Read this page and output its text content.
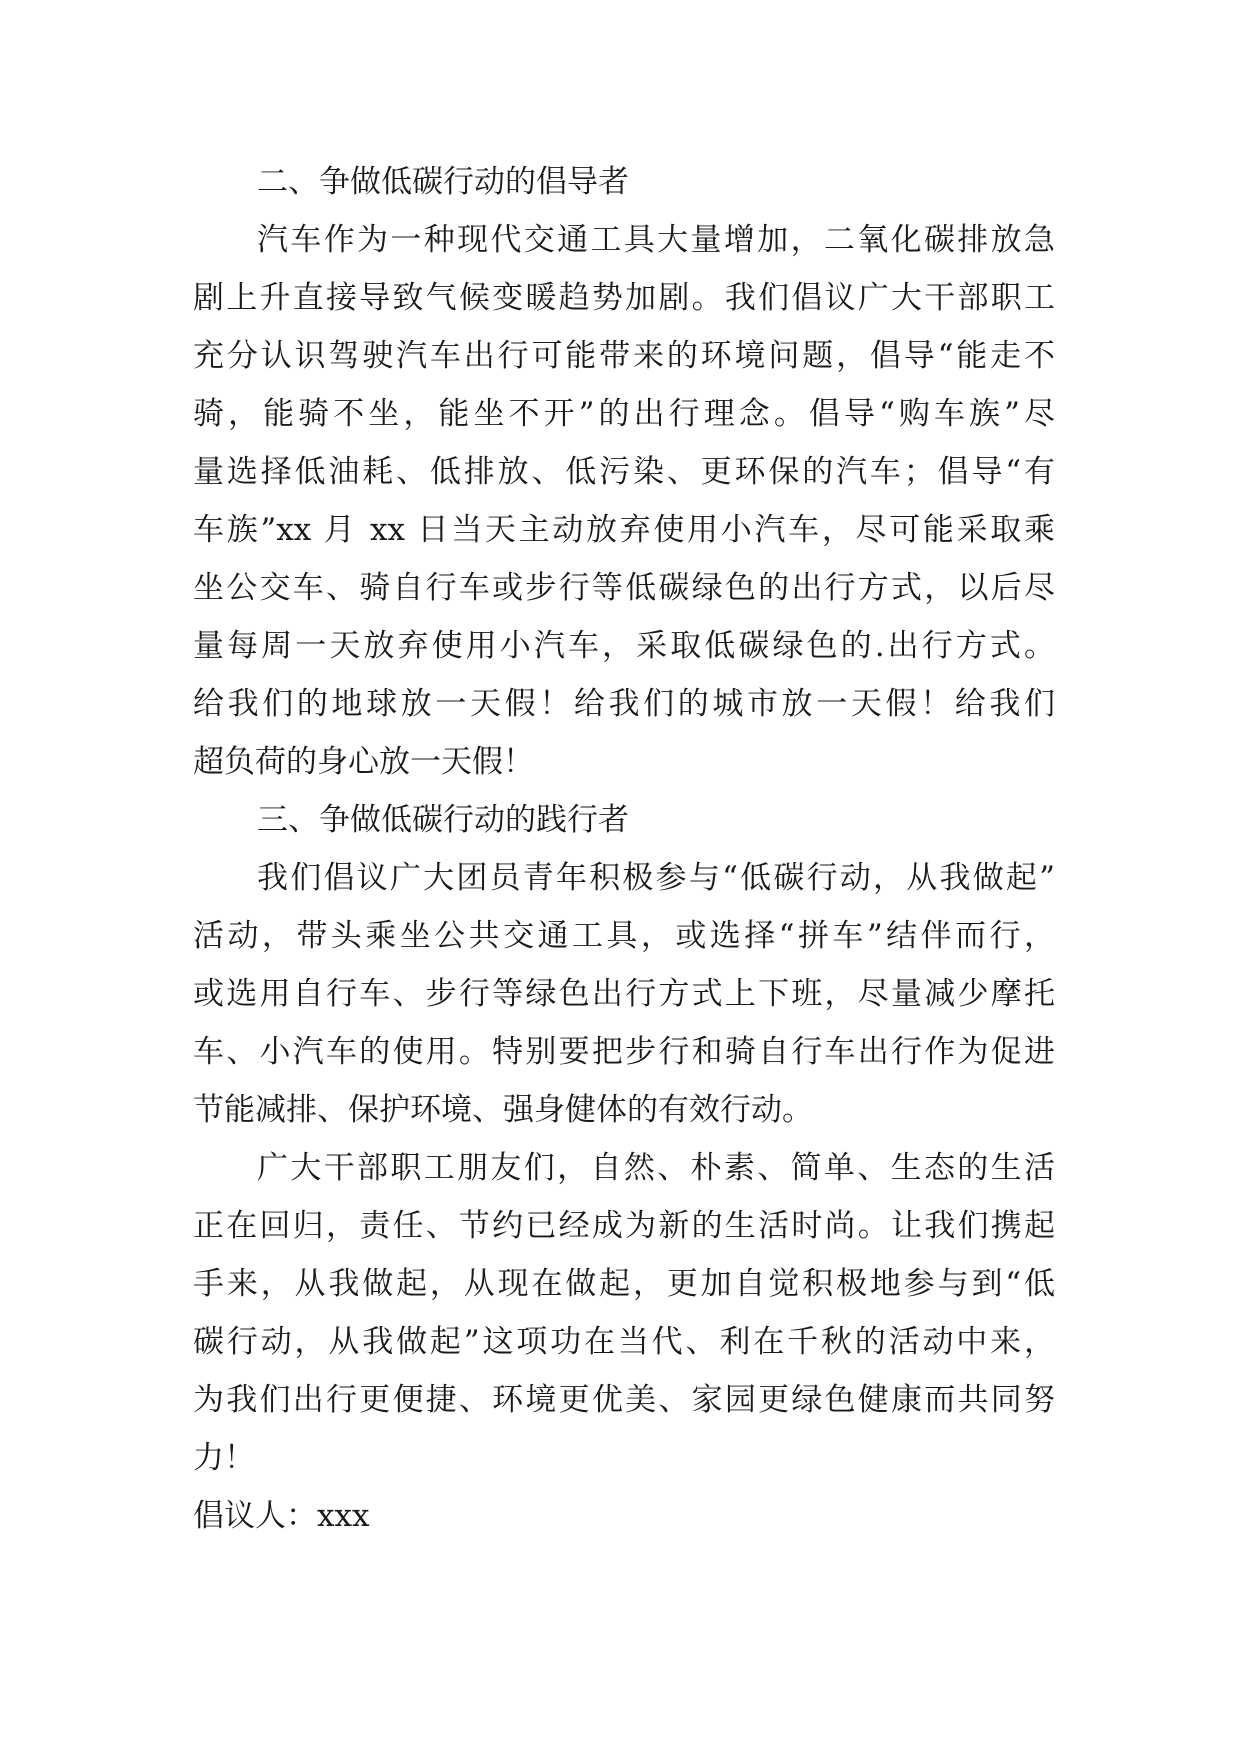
二、争做低碳行动的倡导者

汽车作为一种现代交通工具大量增加，二氧化碳排放急

剧上升直接导致气候变暖趋势加剧。我们倡议广大干部职工

充分认识驾驶汽车出行可能带来的环境问题，倡导“能走不

骑，能骑不坐，能坐不开”的出行理念。倡导“购车族”尽

量选择低油耗、低排放、低污染、更环保的汽车；倡导“有

车族”xx 月 xx 日当天主动放弃使用小汽车，尽可能采取乘

坐公交车、骑自行车或步行等低碳绿色的出行方式，以后尽

量每周一天放弃使用小汽车，采取低碳绿色的.出行方式。

给我们的地球放一天假！给我们的城市放一天假！给我们

超负荷的身心放一天假！

三、争做低碳行动的践行者

我们倡议广大团员青年积极参与“低碳行动，从我做起”

活动，带头乘坐公共交通工具，或选择“拼车”结伴而行，

或选用自行车、步行等绿色出行方式上下班，尽量减少摩托

车、小汽车的使用。特别要把步行和骑自行车出行作为促进

节能减排、保护环境、强身健体的有效行动。

广大干部职工朋友们，自然、朴素、简单、生态的生活

正在回归，责任、节约已经成为新的生活时尚。让我们携起

手来，从我做起，从现在做起，更加自觉积极地参与到“低

碳行动，从我做起”这项功在当代、利在千秋的活动中来，

为我们出行更便捷、环境更优美、家园更绿色健康而共同努

力！

倡议人：xxx
